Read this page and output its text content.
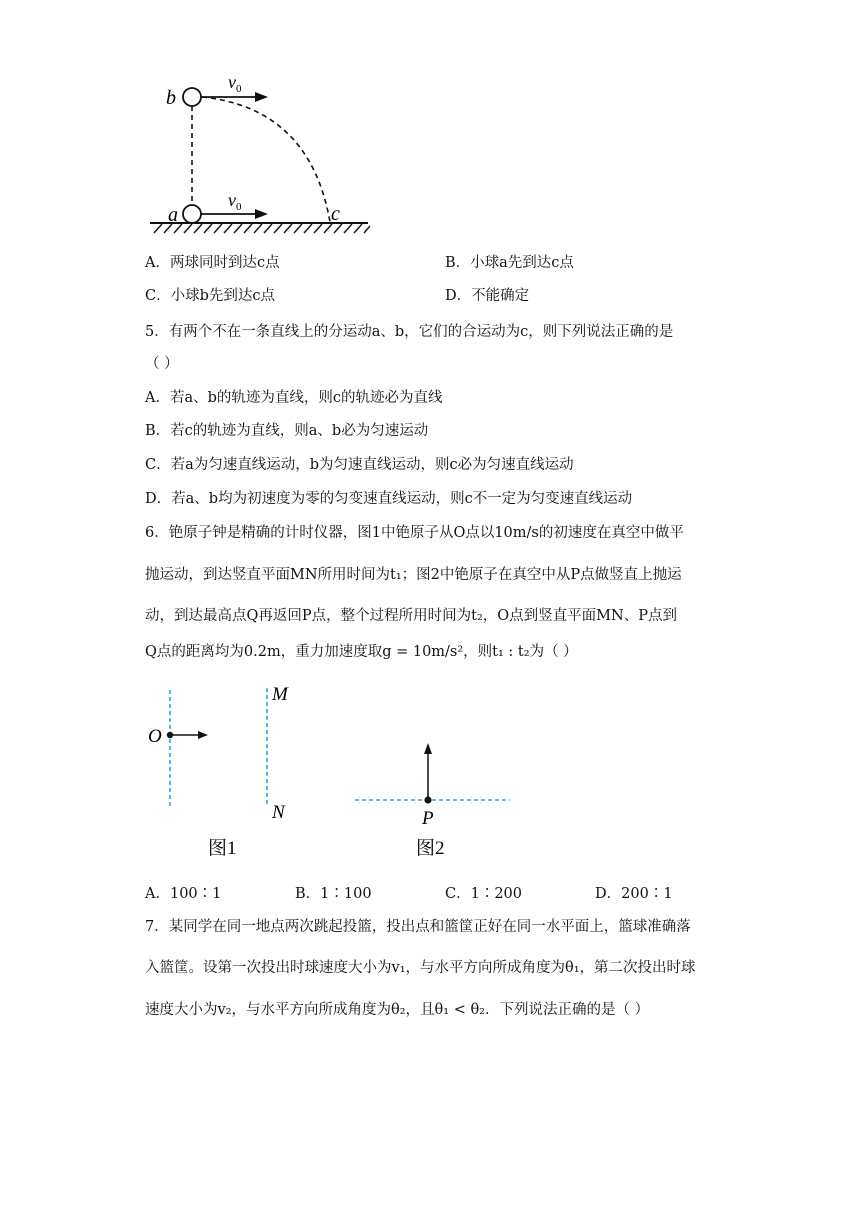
b
a	c
$v_0$
$v_0$
A．两球同时到达c点	B．小球a先到达c点
C．小球b先到达c点	D．不能确定
5．有两个不在一条直线上的分运动a、b，它们的合运动为c，则下列说法正确的是
（ ）
A．若a、b的轨迹为直线，则c的轨迹必为直线
B．若c的轨迹为直线，则a、b必为匀速运动
C．若a为匀速直线运动，b为匀速直线运动，则c必为匀速直线运动
D．若a、b均为初速度为零的匀变速直线运动，则c不一定为匀变速直线运动
6．铯原子钟是精确的计时仪器，图1中铯原子从O点以10m/s的初速度在真空中做平
抛运动，到达竖直平面MN所用时间为t₁；图2中铯原子在真空中从P点做竖直上抛运
动，到达最高点Q再返回P点，整个过程所用时间为t₂，O点到竖直平面MN、P点到
Q点的距离均为0.2m，重力加速度取g = 10m/s²，则t₁ : t₂为（ ）
O
M
N
图1
P
图2
A．100∶1	B．1∶100	C．1∶200	D．200∶1
7．某同学在同一地点两次跳起投篮，投出点和篮筐正好在同一水平面上，篮球准确落
入篮筐。设第一次投出时球速度大小为v₁，与水平方向所成角度为θ₁，第二次投出时球
速度大小为v₂，与水平方向所成角度为θ₂，且θ₁ < θ₂．下列说法正确的是（ ）
